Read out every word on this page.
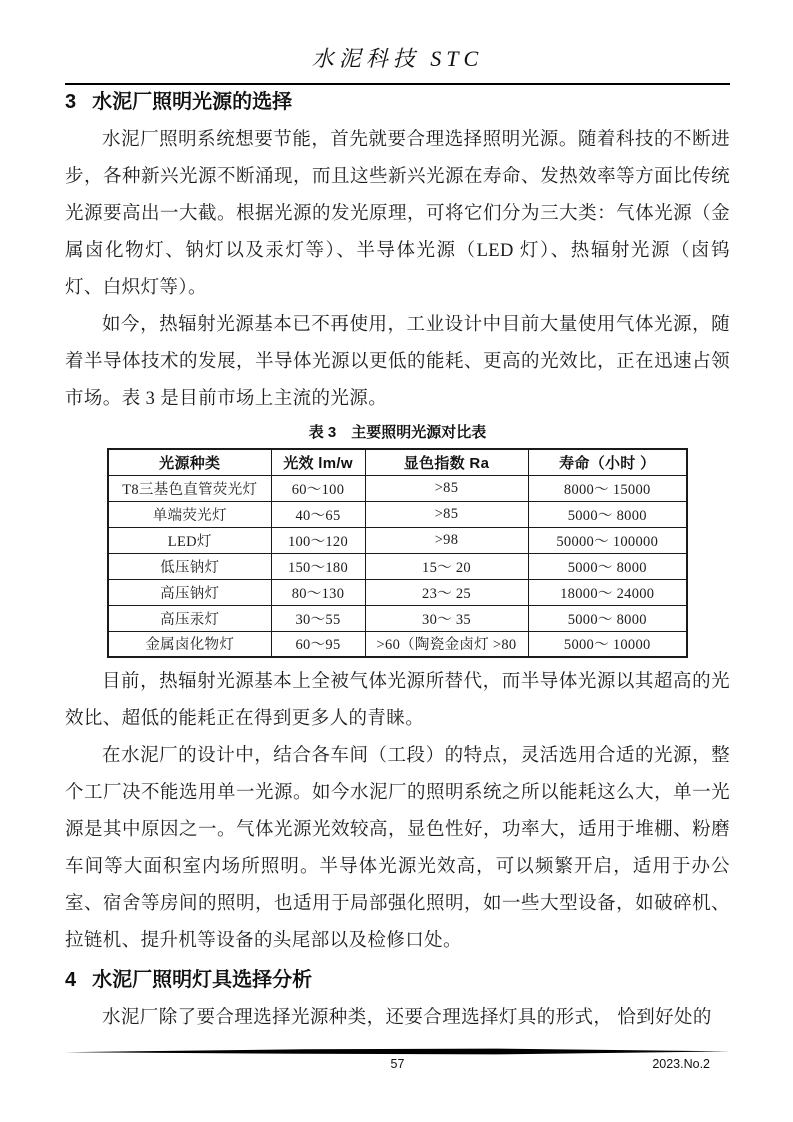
水泥科技 STC
3 水泥厂照明光源的选择
水泥厂照明系统想要节能，首先就要合理选择照明光源。随着科技的不断进步，各种新兴光源不断涌现，而且这些新兴光源在寿命、发热效率等方面比传统光源要高出一大截。根据光源的发光原理，可将它们分为三大类：气体光源（金属卤化物灯、钠灯以及汞灯等）、半导体光源（LED 灯）、热辐射光源（卤钨灯、白炽灯等）。
如今，热辐射光源基本已不再使用，工业设计中目前大量使用气体光源，随着半导体技术的发展，半导体光源以更低的能耗、更高的光效比，正在迅速占领市场。表 3 是目前市场上主流的光源。
表 3　主要照明光源对比表
光源种类	光效 lm/w	显色指数 Ra	寿命（小时 ）
T8三基色直管荧光灯	60～100	>85	8000～ 15000
单端荧光灯	40～65	>85	5000～ 8000
LED灯	100～120	>98	50000～ 100000
低压钠灯	150～180	15～ 20	5000～ 8000
高压钠灯	80～130	23～ 25	18000～ 24000
高压汞灯	30～55	30～ 35	5000～ 8000
金属卤化物灯	60～95	>60（陶瓷金卤灯 >80	5000～ 10000
目前，热辐射光源基本上全被气体光源所替代，而半导体光源以其超高的光效比、超低的能耗正在得到更多人的青睐。
在水泥厂的设计中，结合各车间（工段）的特点，灵活选用合适的光源，整个工厂决不能选用单一光源。如今水泥厂的照明系统之所以能耗这么大，单一光源是其中原因之一。气体光源光效较高，显色性好，功率大，适用于堆棚、粉磨车间等大面积室内场所照明。半导体光源光效高，可以频繁开启，适用于办公室、宿舍等房间的照明，也适用于局部强化照明，如一些大型设备，如破碎机、拉链机、提升机等设备的头尾部以及检修口处。
4 水泥厂照明灯具选择分析
水泥厂除了要合理选择光源种类，还要合理选择灯具的形式， 恰到好处的
57	2023.No.2
